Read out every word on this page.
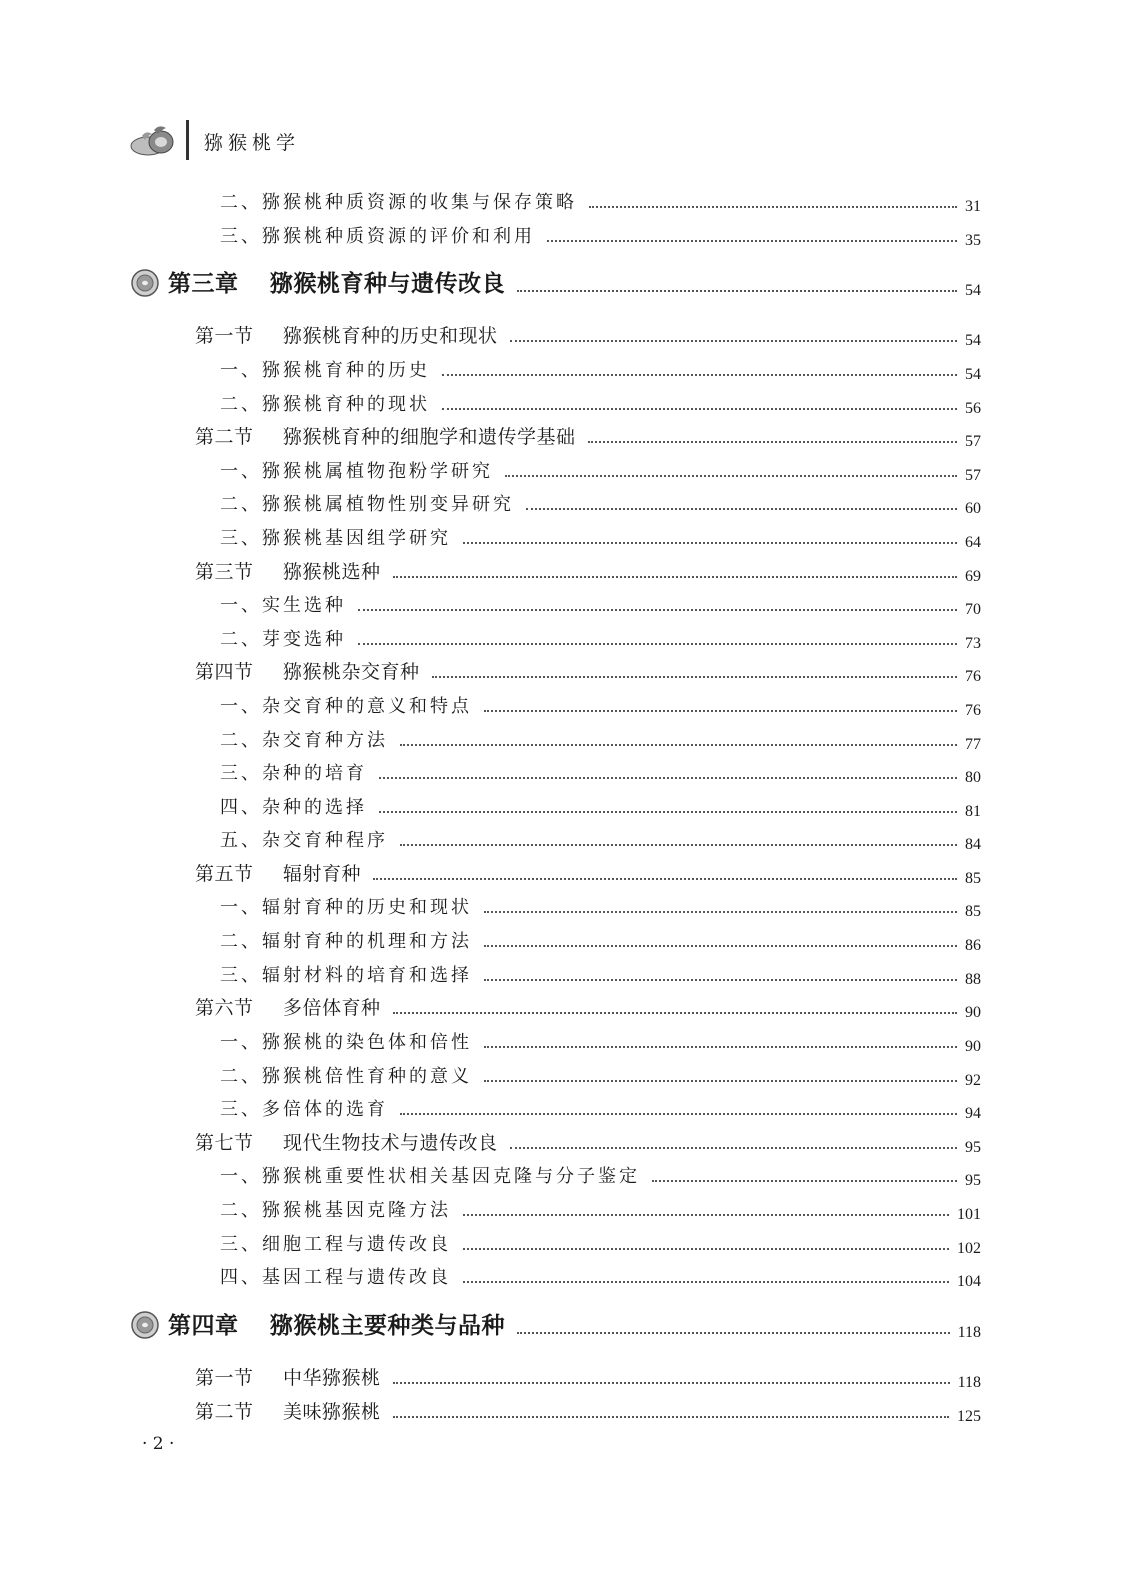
猕猴桃学
二、猕猴桃种质资源的收集与保存策略	31
三、猕猴桃种质资源的评价和利用	35
第三章 猕猴桃育种与遗传改良	54
第一节 猕猴桃育种的历史和现状	54
一、猕猴桃育种的历史	54
二、猕猴桃育种的现状	56
第二节 猕猴桃育种的细胞学和遗传学基础	57
一、猕猴桃属植物孢粉学研究	57
二、猕猴桃属植物性别变异研究	60
三、猕猴桃基因组学研究	64
第三节 猕猴桃选种	69
一、实生选种	70
二、芽变选种	73
第四节 猕猴桃杂交育种	76
一、杂交育种的意义和特点	76
二、杂交育种方法	77
三、杂种的培育	80
四、杂种的选择	81
五、杂交育种程序	84
第五节 辐射育种	85
一、辐射育种的历史和现状	85
二、辐射育种的机理和方法	86
三、辐射材料的培育和选择	88
第六节 多倍体育种	90
一、猕猴桃的染色体和倍性	90
二、猕猴桃倍性育种的意义	92
三、多倍体的选育	94
第七节 现代生物技术与遗传改良	95
一、猕猴桃重要性状相关基因克隆与分子鉴定	95
二、猕猴桃基因克隆方法	101
三、细胞工程与遗传改良	102
四、基因工程与遗传改良	104
第四章 猕猴桃主要种类与品种	118
第一节 中华猕猴桃	118
第二节 美味猕猴桃	125
· 2 ·
